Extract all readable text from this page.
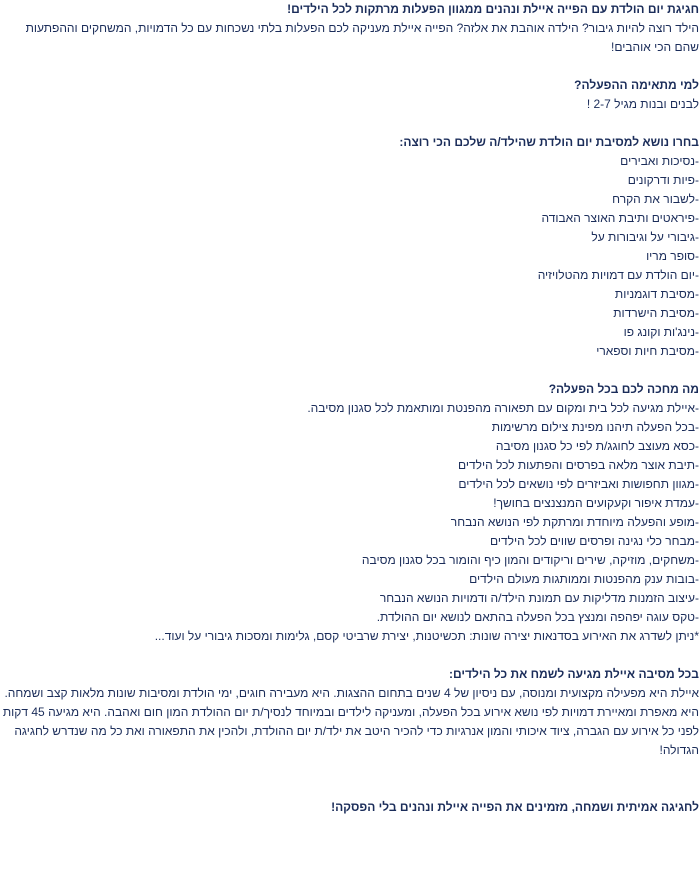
חגיגת יום הולדת עם הפייה איילת ונהנים ממגוון הפעלות מרתקות לכל הילדים!
הילד רוצה להיות גיבור? הילדה אוהבת את אלזה? הפייה איילת מעניקה לכם הפעלות בלתי נשכחות עם כל הדמויות, המשחקים וההפתעות שהם הכי אוהבים!
למי מתאימה ההפעלה?
לבנים ובנות מגיל 2-7 !
בחרו נושא למסיבת יום הולדת שהילד/ה שלכם הכי רוצה:
-נסיכות ואבירים
-פיות ודרקונים
-לשבור את הקרח
-פיראטים ותיבת האוצר האבודה
-גיבורי על וגיבורות על
-סופר מריו
-יום הולדת עם דמויות מהטלויזיה
-מסיבת דוגמניות
-מסיבת הישרדות
-נינג'ות וקונג פו
-מסיבת חיות וספארי
מה מחכה לכם בכל הפעלה?
-איילת מגיעה לכל בית ומקום עם תפאורה מהפנטת ומותאמת לכל סגנון מסיבה.
-בכל הפעלה תיהנו מפינת צילום מרשימות
-כסא מעוצב לחוגג/ת לפי כל סגנון מסיבה
-תיבת אוצר מלאה בפרסים והפתעות לכל הילדים
-מגוון תחפושות ואביזרים לפי נושאים לכל הילדים
-עמדת איפור וקעקועים המנצנצים בחושך!
-מופע והפעלה מיוחדת ומרתקת לפי הנושא הנבחר
-מבחר כלי נגינה ופרסים שווים לכל הילדים
-משחקים, מוזיקה, שירים וריקודים והמון כיף והומור בכל סגנון מסיבה
-בובות ענק מהפנטות וממותגות מעולם הילדים
-עיצוב הזמנות מדליקות עם תמונת הילד/ה ודמויות הנושא הנבחר
-טקס עוגה יפהפה ומנצץ בכל הפעלה בהתאם לנושא יום ההולדת.
*ניתן לשדרג את האירוע בסדנאות יצירה שונות: תכשיטנות, יצירת שרביטי קסם, גלימות ומסכות גיבורי על ועוד...
בכל מסיבה איילת מגיעה לשמח את כל הילדים:
איילת היא מפעילה מקצועית ומנוסה, עם ניסיון של 4 שנים בתחום ההצגות. היא מעבירה חוגים, ימי הולדת ומסיבות שונות מלאות קצב ושמחה. היא מאפרת ומאיירת דמויות לפי נושא אירוע בכל הפעלה, ומעניקה לילדים ובמיוחד לנסיך/ת יום ההולדת המון חום ואהבה. היא מגיעה 45 דקות לפני כל אירוע עם הגברה, ציוד איכותי והמון אנרגיות כדי להכיר היטב את ילד/ת יום ההולדת, ולהכין את התפאורה ואת כל מה שנדרש לחגיגה הגדולה!
לחגיגה אמיתית ושמחה, מזמינים את הפייה איילת ונהנים בלי הפסקה!
